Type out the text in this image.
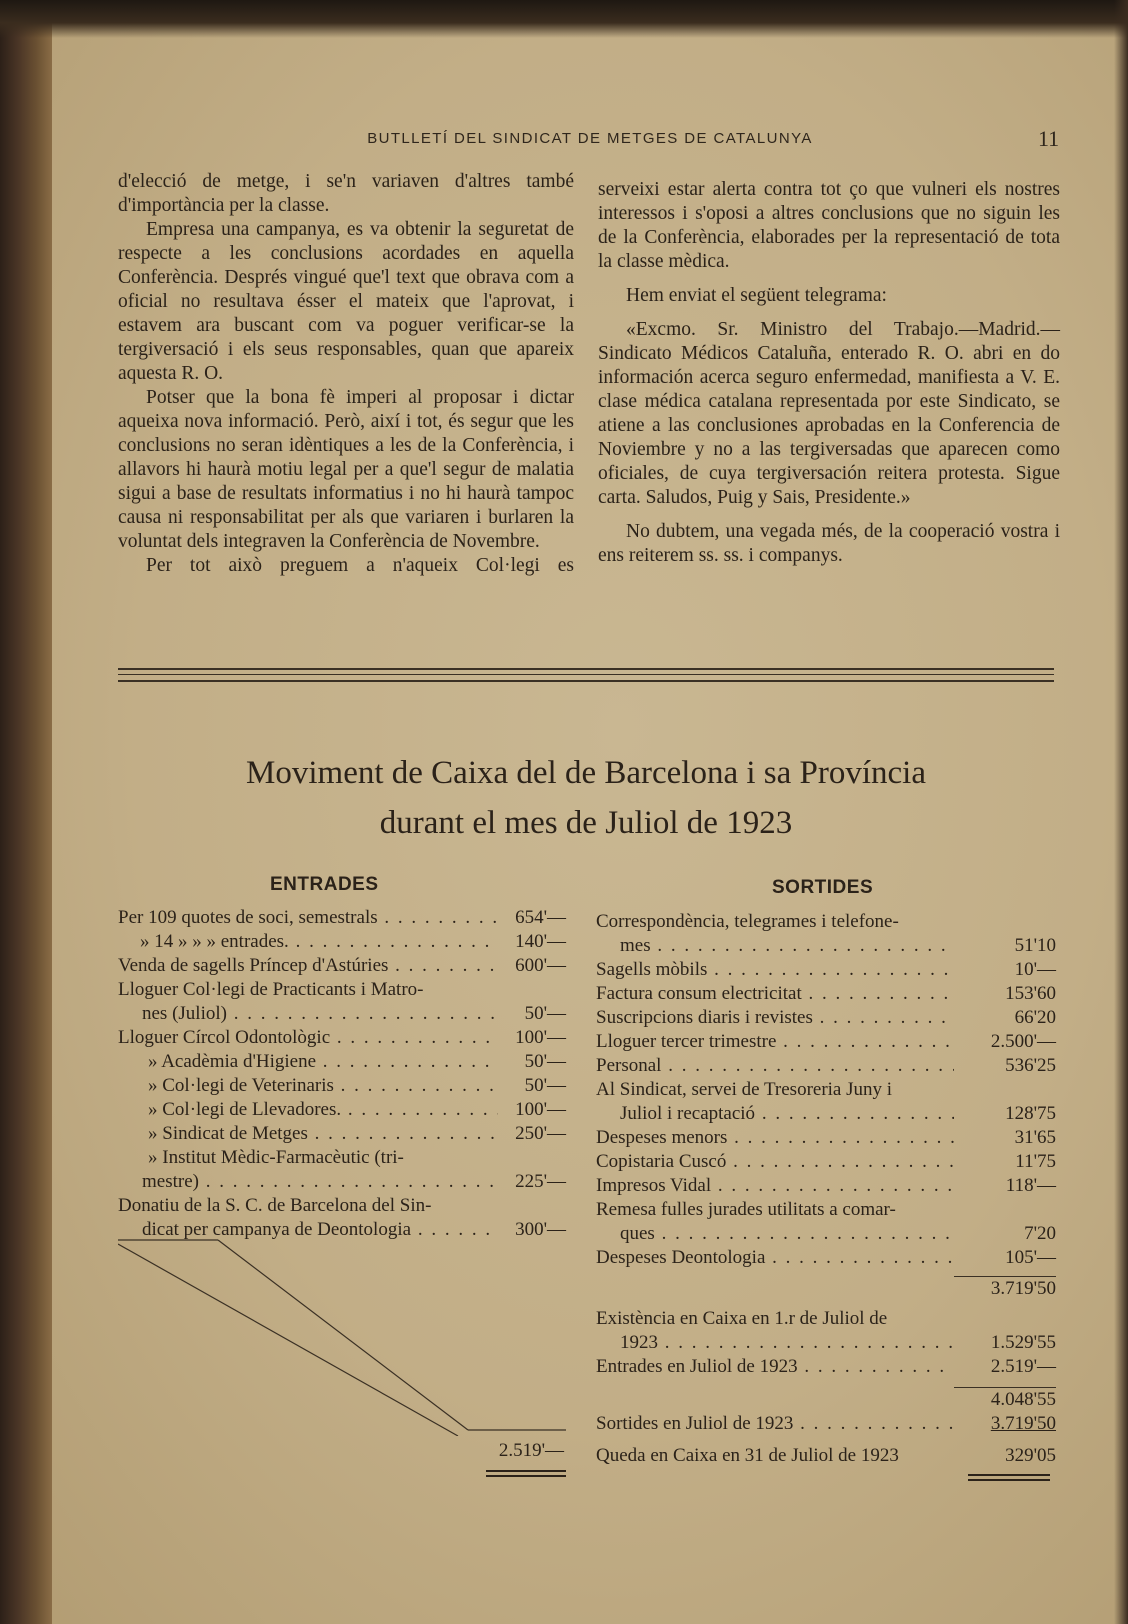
BUTLLETÍ DEL SINDICAT DE METGES DE CATALUNYA	11

d'elecció de metge, i se'n variaven d'altres també d'importància per la classe.

Empresa una campanya, es va obtenir la seguretat de respecte a les conclusions acordades en aquella Conferència. Després vingué que'l text que obrava com a oficial no resultava ésser el mateix que l'aprovat, i estavem ara buscant com va poguer verificar-se la tergiversació i els seus responsables, quan que apareix aquesta R. O.

Potser que la bona fè imperi al proposar i dictar aqueixa nova informació. Però, així i tot, és segur que les conclusions no seran idèntiques a les de la Conferència, i allavors hi haurà motiu legal per a que'l segur de malatia sigui a base de resultats informatius i no hi haurà tampoc causa ni responsabilitat per als que variaren i burlaren la voluntat dels integraven la Conferència de Novembre.

Per tot això preguem a n'aqueix Col·legi es

serveixi estar alerta contra tot ço que vulneri els nostres interessos i s'oposi a altres conclusions que no siguin les de la Conferència, elaborades per la representació de tota la classe mèdica.

Hem enviat el següent telegrama:

«Excmo. Sr. Ministro del Trabajo.—Madrid.—Sindicato Médicos Cataluña, enterado R. O. abri en do información acerca seguro enfermedad, manifiesta a V. E. clase médica catalana representada por este Sindicato, se atiene a las conclusiones aprobadas en la Conferencia de Noviembre y no a las tergiversadas que aparecen como oficiales, de cuya tergiversación reitera protesta. Sigue carta. Saludos, Puig y Sais, Presidente.»

No dubtem, una vegada més, de la cooperació vostra i ens reiterem ss. ss. i companys.

Moviment de Caixa del de Barcelona i sa Província
durant el mes de Juliol de 1923
ENTRADES	SORTIDES
Per 109 quotes de soci, semestrals . . .	654'—
» 14 » » » entrades. . . .	140'—
Venda de sagells Príncep d'Astúries . . .	600'—
Lloguer Col·legi de Practicants i Matro-
nes (Juliol) . . .	50'—
Lloguer Círcol Odontològic . . .	100'—
» Acadèmia d'Higiene . . .	50'—
» Col·legi de Veterinaris . . .	50'—
» Col·legi de Llevadores. . . .	100'—
» Sindicat de Metges . . .	250'—
» Institut Mèdic-Farmacèutic (tri-
mestre) . . .	225'—
Donatiu de la S. C. de Barcelona del Sin-
dicat per campanya de Deontologia . . .	300'—
2.519'—
Correspondència, telegrames i telefone-
mes . . .	51'10
Sagells mòbils . . .	10'—
Factura consum electricitat . . .	153'60
Suscripcions diaris i revistes . . .	66'20
Lloguer tercer trimestre . . .	2.500'—
Personal . . .	536'25
Al Sindicat, servei de Tresoreria Juny i
Juliol i recaptació . . .	128'75
Despeses menors . . .	31'65
Copistaria Cuscó . . .	11'75
Impresos Vidal . . .	118'—
Remesa fulles jurades utilitats a comar-
ques . . .	7'20
Despeses Deontologia . . .	105'—
3.719'50
Existència en Caixa en 1.r de Juliol de
1923 . . .	1.529'55
Entrades en Juliol de 1923 . . .	2.519'—
4.048'55
Sortides en Juliol de 1923 . . .	3.719'50
Queda en Caixa en 31 de Juliol de 1923	329'05
